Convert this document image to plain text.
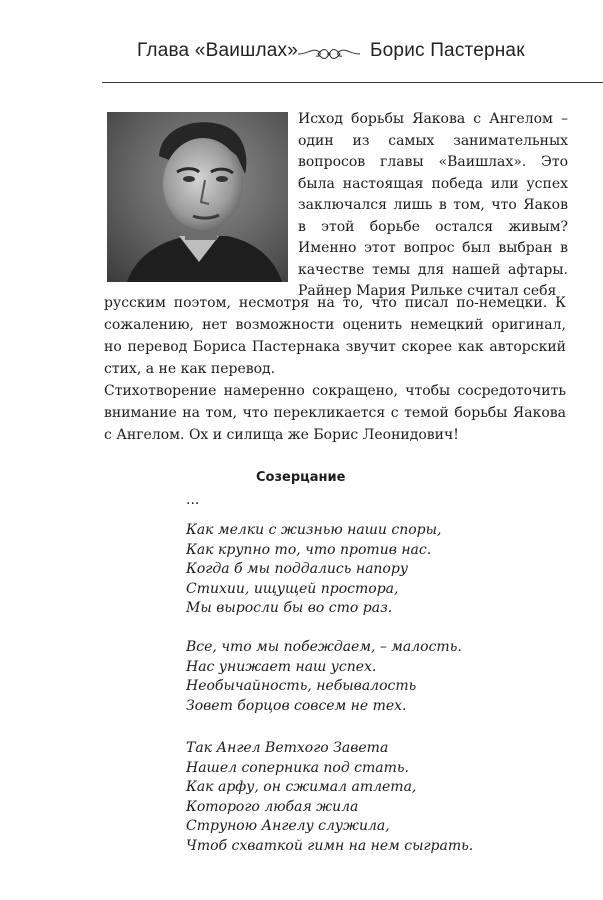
Глава «Ваишлах»	Борис Пастернак
Исход борьбы Яакова с Ангелом – один из самых занимательных вопросов главы «Ваишлах». Это была настоящая победа или успех заключался лишь в том, что Яаков в этой борьбе остался живым? Именно этот вопрос был выбран в качестве темы для нашей афтары. Райнер Мария Рильке считал себя

русским поэтом, несмотря на то, что писал по-немецки. К сожалению, нет возможности оценить немецкий оригинал, но перевод Бориса Пастернака звучит скорее как авторский стих, а не как перевод.

Стихотворение намеренно сокращено, чтобы сосредоточить внимание на том, что перекликается с темой борьбы Яакова с Ангелом. Ох и силища же Борис Леонидович!

Созерцание
...
Как мелки с жизнью наши споры,
Как крупно то, что против нас.
Когда б мы поддались напору
Стихии, ищущей простора,
Мы выросли бы во сто раз.
Все, что мы побеждаем, – малость.
Нас унижает наш успех.
Необычайность, небывалость
Зовет борцов совсем не тех.
Так Ангел Ветхого Завета
Нашел соперника под стать.
Как арфу, он сжимал атлета,
Которого любая жила
Струною Ангелу служила,
Чтоб схваткой гимн на нем сыграть.
